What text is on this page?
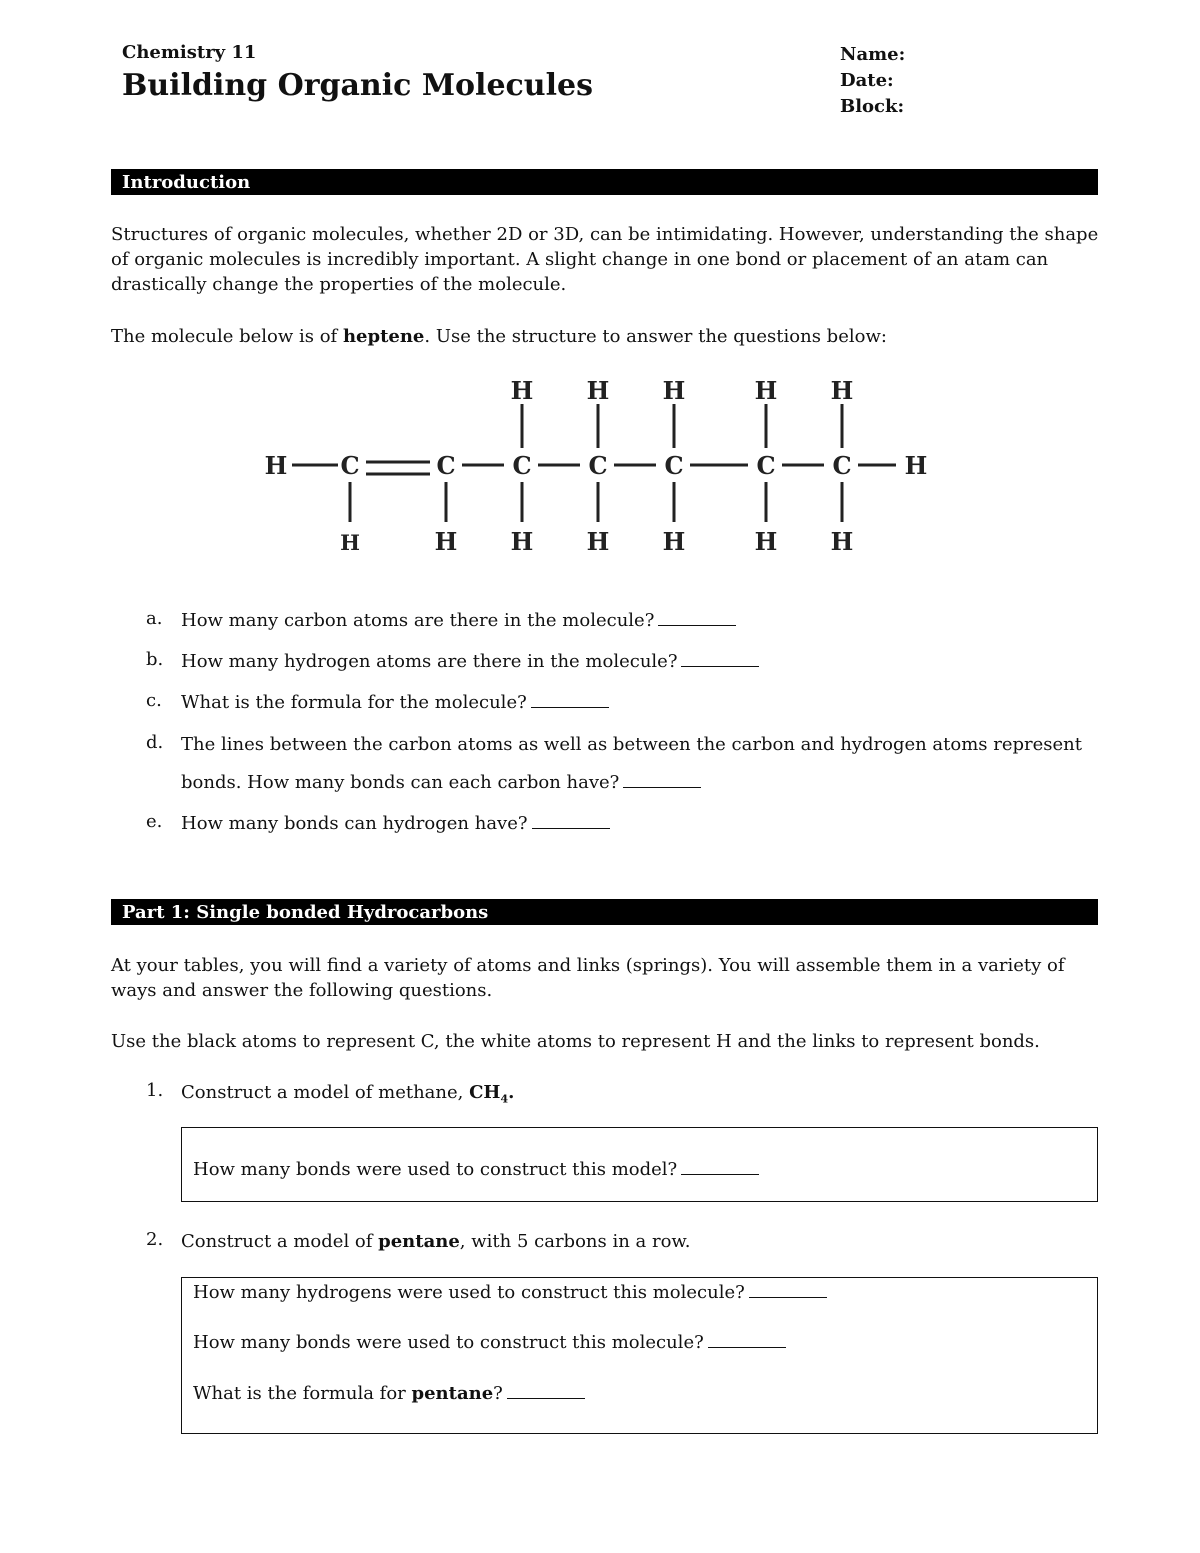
Chemistry 11
Building Organic Molecules
Name:
Date:
Block:
Introduction
Structures of organic molecules, whether 2D or 3D, can be intimidating. However, understanding the shape of organic molecules is incredibly important. A slight change in one bond or placement of an atam can drastically change the properties of the molecule.
The molecule below is of heptene. Use the structure to answer the questions below:
H H H	H H
H C	C C C C	C C H
H	H H H H	H H
a. How many carbon atoms are there in the molecule?
b. How many hydrogen atoms are there in the molecule?
c. What is the formula for the molecule?
d. The lines between the carbon atoms as well as between the carbon and hydrogen atoms represent
bonds. How many bonds can each carbon have?
e. How many bonds can hydrogen have?
Part 1: Single bonded Hydrocarbons
At your tables, you will find a variety of atoms and links (springs). You will assemble them in a variety of ways and answer the following questions.
Use the black atoms to represent C, the white atoms to represent H and the links to represent bonds.
1. Construct a model of methane, $CH_4$.
How many bonds were used to construct this model?
2. Construct a model of pentane, with 5 carbons in a row.
How many hydrogens were used to construct this molecule?
How many bonds were used to construct this molecule?
What is the formula for pentane?
